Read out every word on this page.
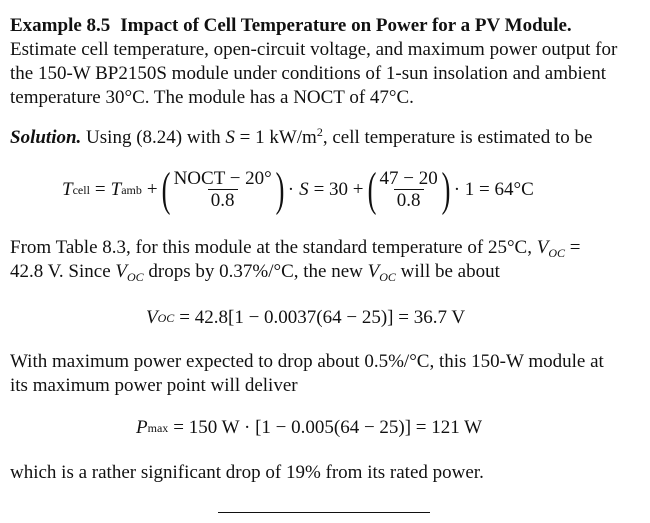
Example 8.5 Impact of Cell Temperature on Power for a PV Module.
Estimate cell temperature, open-circuit voltage, and maximum power output for
the 150-W BP2150S module under conditions of 1-sun insolation and ambient
temperature 30°C. The module has a NOCT of 47°C.
Solution. Using (8.24) with S = 1 $kW/m^2$, cell temperature is estimated to be
T cell = T amb + ( $\frac{\text{NOCT − 20°}}{0.8}$ ) · S = 30 + ( $\frac{47 - 20}{0.8}$ ) · 1 = 64°C
From Table 8.3, for this module at the standard temperature of 25°C, $V_{OC}$ =
42.8 V. Since $V_{OC}$ drops by 0.37%/°C, the new $V_{OC}$ will be about
V OC = 42.8[1 − 0.0037(64 − 25)] = 36.7 V
With maximum power expected to drop about 0.5%/°C, this 150-W module at
its maximum power point will deliver
P max = 150 W · [1 − 0.005(64 − 25)] = 121 W
which is a rather significant drop of 19% from its rated power.
